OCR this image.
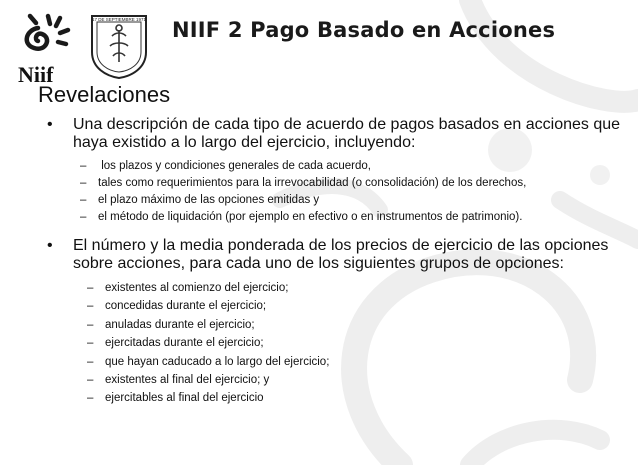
Niif
17 DE SEPTIEMBRE 1971 NIIF 2 Pago Basado en Acciones
Revelaciones
•	Una descripción de cada tipo de acuerdo de pagos basados en acciones que haya existido a lo largo del ejercicio, incluyendo:
–	los plazos y condiciones generales de cada acuerdo,
–	tales como requerimientos para la irrevocabilidad (o consolidación) de los derechos,
–	el plazo máximo de las opciones emitidas y
–	el método de liquidación (por ejemplo en efectivo o en instrumentos de patrimonio).
•	El número y la media ponderada de los precios de ejercicio de las opciones sobre acciones, para cada uno de los siguientes grupos de opciones:
–	existentes al comienzo del ejercicio;
–	concedidas durante el ejercicio;
–	anuladas durante el ejercicio;
–	ejercitadas durante el ejercicio;
–	que hayan caducado a lo largo del ejercicio;
–	existentes al final del ejercicio; y
–	ejercitables al final del ejercicio
